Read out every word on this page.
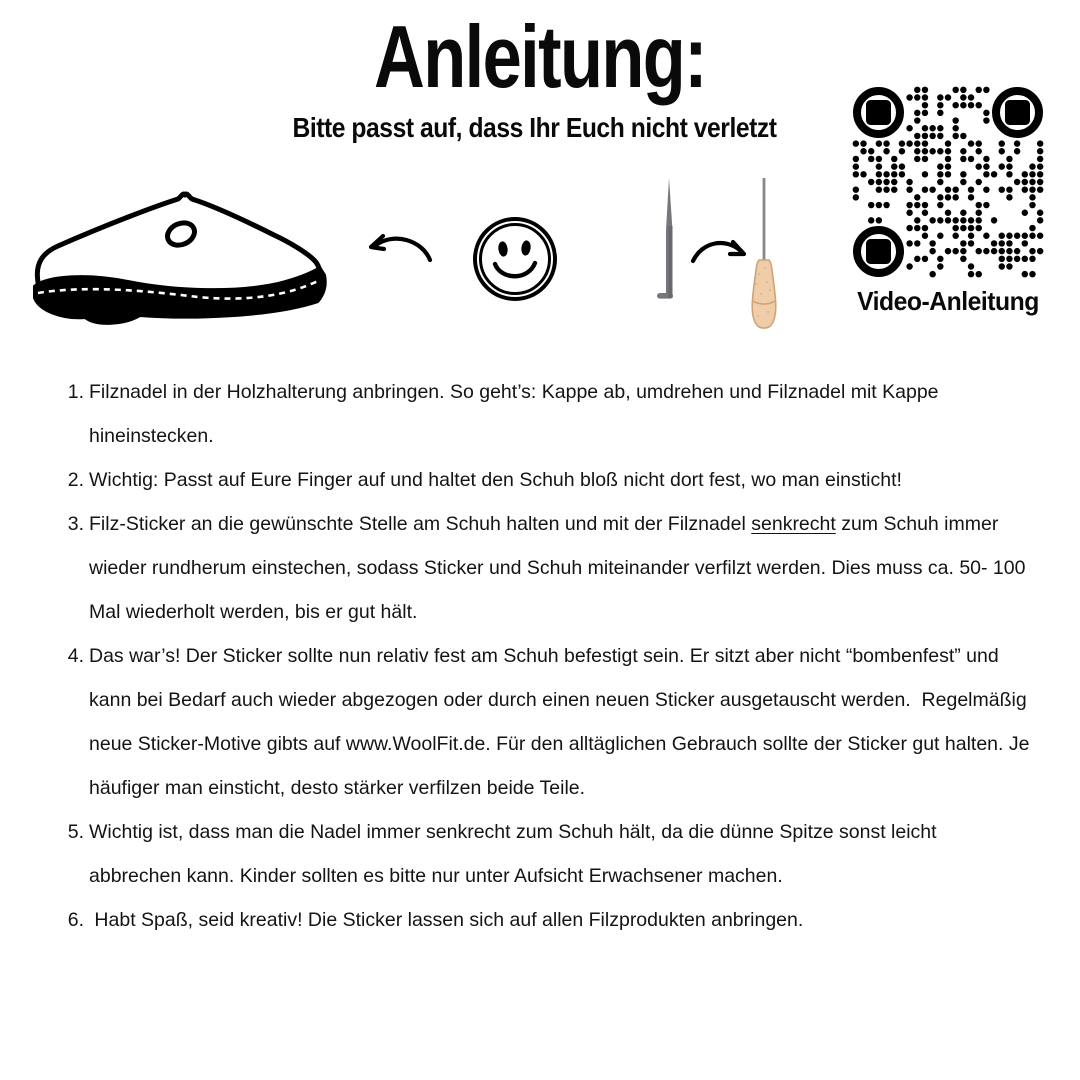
Anleitung:
Bitte passt auf, dass Ihr Euch nicht verletzt
Video-Anleitung
1. Filznadel in der Holzhalterung anbringen. So geht’s: Kappe ab, umdrehen und Filznadel mit Kappe hineinstecken.
2. Wichtig: Passt auf Eure Finger auf und haltet den Schuh bloß nicht dort fest, wo man einsticht!
3. Filz-Sticker an die gewünschte Stelle am Schuh halten und mit der Filznadel senkrecht zum Schuh immer wieder rundherum einstechen, sodass Sticker und Schuh miteinander verfilzt werden. Dies muss ca. 50- 100 Mal wiederholt werden, bis er gut hält.
4. Das war’s! Der Sticker sollte nun relativ fest am Schuh befestigt sein. Er sitzt aber nicht “bombenfest” und kann bei Bedarf auch wieder abgezogen oder durch einen neuen Sticker ausgetauscht werden.  Regelmäßig neue Sticker-Motive gibts auf www.WoolFit.de. Für den alltäglichen Gebrauch sollte der Sticker gut halten. Je häufiger man einsticht, desto stärker verfilzen beide Teile.
5. Wichtig ist, dass man die Nadel immer senkrecht zum Schuh hält, da die dünne Spitze sonst leicht abbrechen kann. Kinder sollten es bitte nur unter Aufsicht Erwachsener machen.
6. Habt Spaß, seid kreativ! Die Sticker lassen sich auf allen Filzprodukten anbringen.
